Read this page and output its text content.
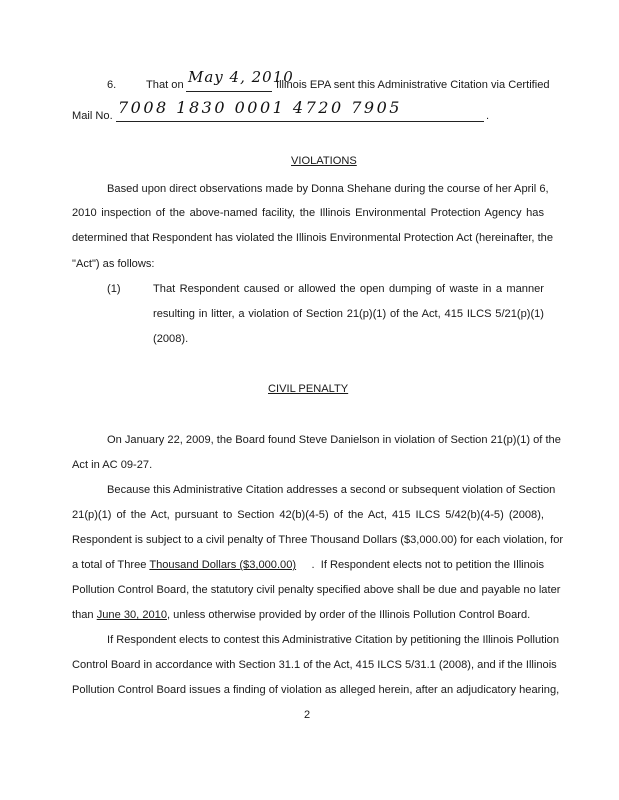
6.	That on May 4, 2010
Illinois EPA sent this Administrative Citation via Certified
Mail No. 7008 1830 0001 4720 7905	.
VIOLATIONS
Based upon direct observations made by Donna Shehane during the course of her April 6,
2010 inspection of the above-named facility, the Illinois Environmental Protection Agency has
determined that Respondent has violated the Illinois Environmental Protection Act (hereinafter, the
"Act") as follows:
(1)	That Respondent caused or allowed the open dumping of waste in a manner
resulting in litter, a violation of Section 21(p)(1) of the Act, 415 ILCS 5/21(p)(1)
(2008).
CIVIL PENALTY
On January 22, 2009, the Board found Steve Danielson in violation of Section 21(p)(1) of the
Act in AC 09-27.
Because this Administrative Citation addresses a second or subsequent violation of Section
21(p)(1) of the Act, pursuant to Section 42(b)(4-5) of the Act, 415 ILCS 5/42(b)(4-5) (2008),
Respondent is subject to a civil penalty of Three Thousand Dollars ($3,000.00) for each violation, for
a total of Three Thousand Dollars ($3,000.00) .  If Respondent elects not to petition the Illinois
Pollution Control Board, the statutory civil penalty specified above shall be due and payable no later
than June 30, 2010, unless otherwise provided by order of the Illinois Pollution Control Board.
If Respondent elects to contest this Administrative Citation by petitioning the Illinois Pollution
Control Board in accordance with Section 31.1 of the Act, 415 ILCS 5/31.1 (2008), and if the Illinois
Pollution Control Board issues a finding of violation as alleged herein, after an adjudicatory hearing,
2
